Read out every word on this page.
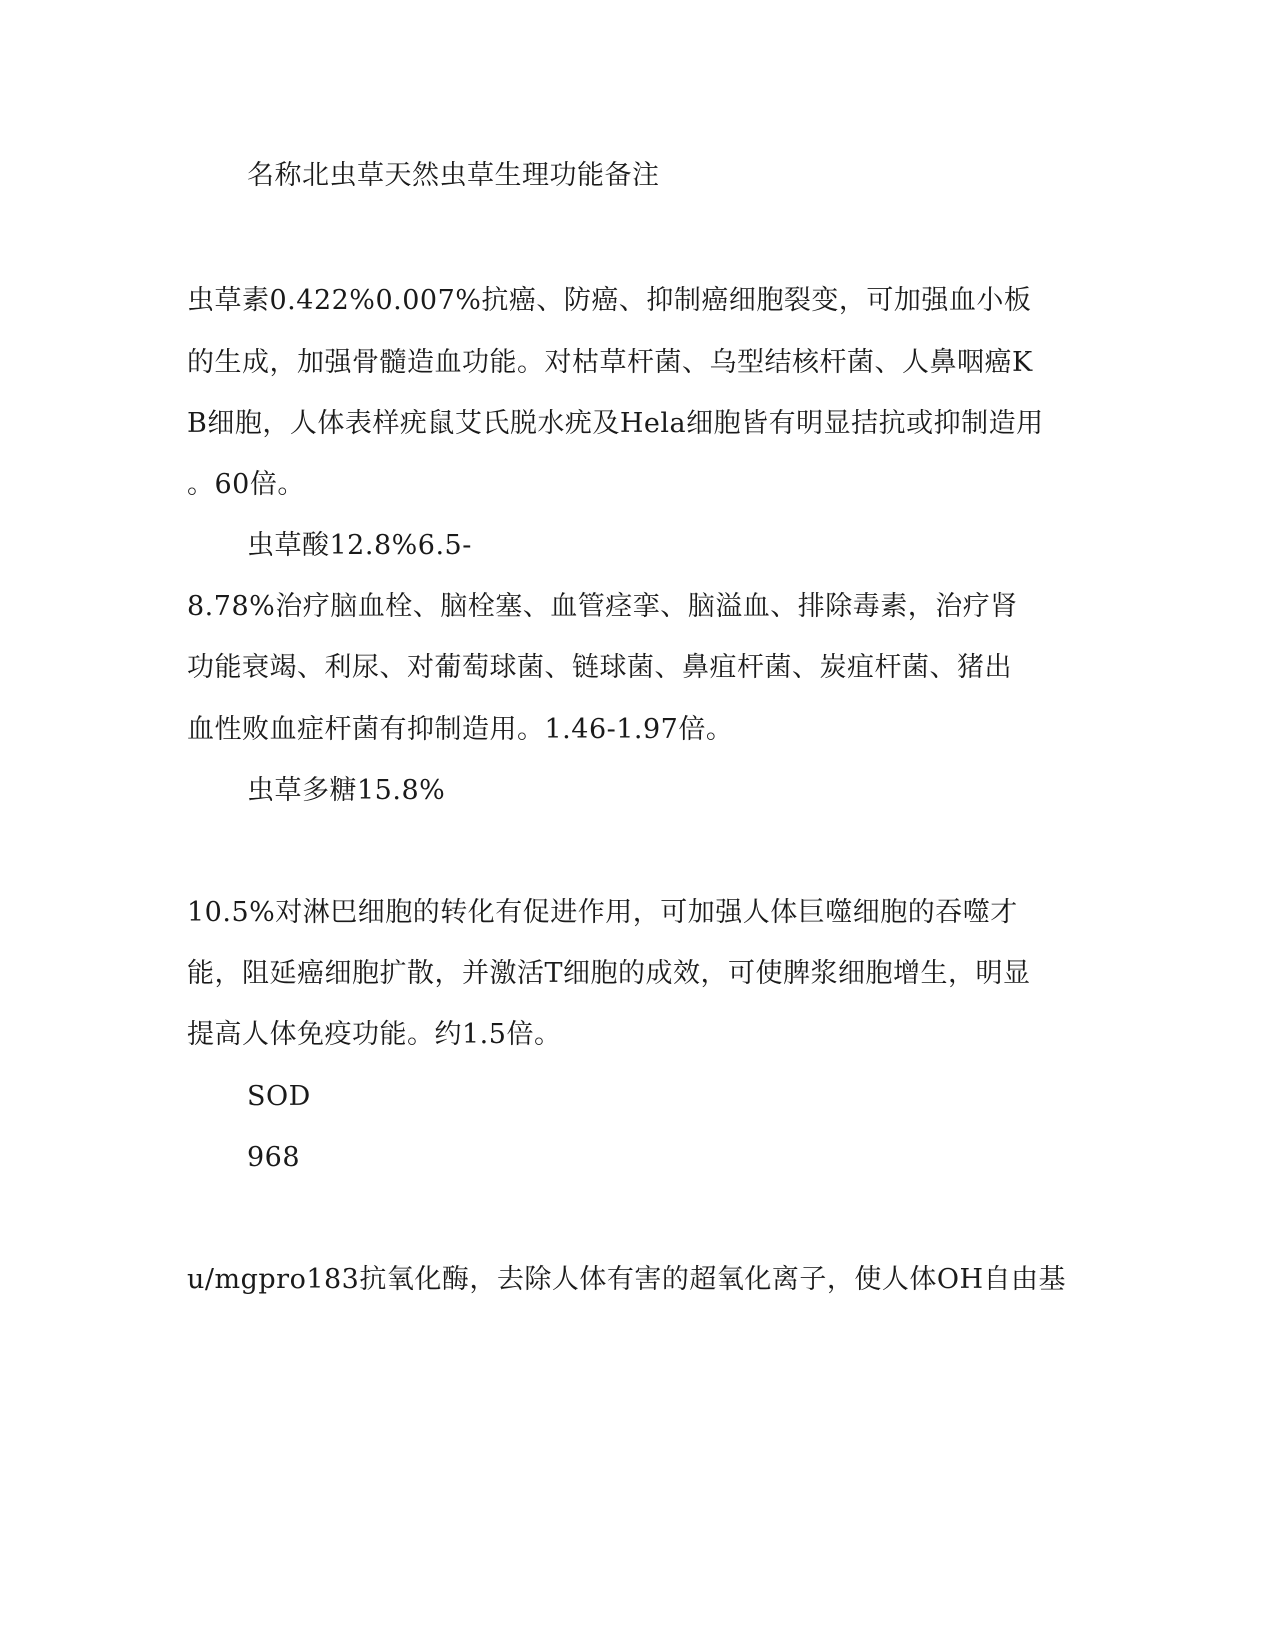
名称北虫草天然虫草生理功能备注
虫草素0.422%0.007%抗癌、防癌、抑制癌细胞裂变，可加强血小板
的生成，加强骨髓造血功能。对枯草杆菌、乌型结核杆菌、人鼻咽癌K
B细胞，人体表样疣鼠艾氏脱水疣及Hela细胞皆有明显拮抗或抑制造用
。60倍。
虫草酸12.8%6.5-
8.78%治疗脑血栓、脑栓塞、血管痉挛、脑溢血、排除毒素，治疗肾
功能衰竭、利尿、对葡萄球菌、链球菌、鼻疽杆菌、炭疽杆菌、猪出
血性败血症杆菌有抑制造用。1.46-1.97倍。
虫草多糖15.8%
10.5%对淋巴细胞的转化有促进作用，可加强人体巨噬细胞的吞噬才
能，阻延癌细胞扩散，并激活T细胞的成效，可使脾浆细胞增生，明显
提高人体免疫功能。约1.5倍。
SOD
968
u/mgpro183抗氧化酶，去除人体有害的超氧化离子，使人体OH自由基
